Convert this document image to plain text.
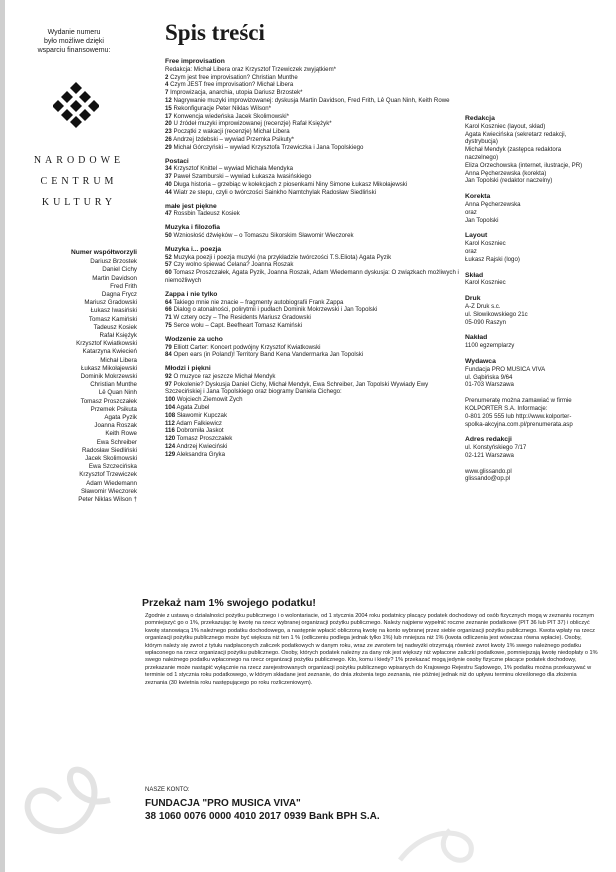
Wydanie numeru
było możliwe dzięki
wsparciu finansowemu:
NARODOWE
CENTRUM
KULTURY
Numer współtworzyli
Dariusz Brzostek
Daniel Cichy
Martin Davidson
Fred Frith
Dagna Frycz
Mariusz Gradowski
Łukasz Iwasiński
Tomasz Kamiński
Tadeusz Kosiek
Rafał Księżyk
Krzysztof Kwiatkowski
Katarzyna Kwiecień
Michał Libera
Łukasz Mikołajewski
Dominik Mokrzewski
Christian Munthe
Lê Quan Ninh
Tomasz Proszczałek
Przemek Psikuta
Agata Pyzik
Joanna Roszak
Keith Rowe
Ewa Schreiber
Radosław Siedliński
Jacek Skolimowski
Ewa Szczecińska
Krzysztof Trzewiczek
Adam Wiedemann
Sławomir Wieczorek
Peter Niklas Wilson †
Spis treści
Free improvisation
Redakcja: Michał Libera oraz Krzysztof Trzewiczek zwyjątkiem*
2 Czym jest free improvisation? Christian Munthe
4 Czym JEST free improvisation? Michał Libera
7 Improwizacja, anarchia, utopia Dariusz Brzostek*
12 Nagrywanie muzyki improwizowanej: dyskusja Martin Davidson, Fred Frith, Lê Quan Ninh, Keith Rowe
15 Rekonfiguracje Peter Niklas Wilson*
17 Konwencja wiedeńska Jacek Skolimowski*
20 U źródeł muzyki improwizowanej (recenzje) Rafał Księżyk*
23 Początki z wakacji (recenzje) Michał Libera
26 Andrzej Izdebski – wywiad Przemka Psikuty*
29 Michał Górczyński – wywiad Krzysztofa Trzewiczka i Jana Topolskiego
Postaci
34 Krzysztof Knittel – wywiad Michała Mendyka
37 Paweł Szamburski – wywiad Łukasza Iwasińskiego
40 Długa historia – grzebiąc w kolekcjach z piosenkami Niny Simone Łukasz Mikołajewski
44 Wiatr ze stepu, czyli o twórczości Sainkho Namtchylak Radosław Siedliński
małe jest piękne
47 Rossbin Tadeusz Kosiek
Muzyka i filozofia
50 Wzniosłość dźwięków – o Tomaszu Sikorskim Sławomir Wieczorek
Muzyka i... poezja
52 Muzyka poezji i poezja muzyki (na przykładzie twórczości T.S.Eliota) Agata Pyzik
57 Czy wolno śpiewać Celana? Joanna Roszak
60 Tomasz Proszczałek, Agata Pyzik, Joanna Roszak, Adam Wiedemann dyskusja: O związkach możliwych i niemożliwych
Zappa i nie tylko
64 Takiego mnie nie znacie – fragmenty autobiografii Frank Zappa
66 Dialog o atonalności, polirytmii i pudłach Dominik Mokrzewski i Jan Topolski
71 W cztery oczy – The Residents Mariusz Gradowski
75 Serce wołu – Capt. Beefheart Tomasz Kamiński
Wodzenie za ucho
79 Elliott Carter: Koncert podwójny Krzysztof Kwiatkowski
84 Open ears (in Poland)! Territory Band Kena Vandermarka Jan Topolski
Młodzi i piękni
92 O muzyce raz jeszcze Michał Mendyk
97 Pokolenie? Dyskusja Daniel Cichy, Michał Mendyk, Ewa Schreiber, Jan Topolski Wywiady Ewy Szczecińskiej i Jana Topolskiego oraz biogramy Daniela Cichego:
100 Wojciech Ziemowit Zych
104 Agata Zubel
108 Sławomir Kupczak
112 Adam Falkiewicz
116 Dobromiła Jaskot
120 Tomasz Proszczałek
124 Andrzej Kwieciński
129 Aleksandra Gryka
Redakcja
Karol Koszniec (layout, skład)
Agata Kwiecińska (sekretarz redakcji,
dystrybucja)
Michał Mendyk (zastępca redaktora
naczelnego)
Eliza Orzechowska (internet, ilustracje, PR)
Anna Pęcherzewska (korekta)
Jan Topolski (redaktor naczelny)
Korekta
Anna Pęcherzewska
oraz
Jan Topolski
Layout
Karol Koszniec
oraz
Łukasz Rajski (logo)
Skład
Karol Koszniec
Druk
A-Z Druk s.c.
ul. Słowikowskiego 21c
05-090 Raszyn
Nakład
1100 egzemplarzy
Wydawca
Fundacja PRO MUSICA VIVA
ul. Gąbińska 9/64
01-703 Warszawa
Prenumeratę można zamawiać w firmie
KOLPORTER S.A. Informacje:
0-801 205 555 lub http://www.kolporter-
spolka-akcyjna.com.pl/prenumerata.asp
Adres redakcji
ul. Konstyńskiego 7/17
02-121 Warszawa
www.glissando.pl
glissando@op.pl
Przekaż nam 1% swojego podatku!
Zgodnie z ustawą o działalności pożytku publicznego i o wolontariacie, od 1 stycznia 2004 roku podatnicy płacący podatek dochodowy od osób fizycznych mogą w zeznaniu rocznym pomniejszyć go o 1%, przekazując tę kwotę na rzecz wybranej organizacji pożytku publicznego. Należy najpierw wypełnić roczne zeznanie podatkowe (PIT 36 lub PIT 37) i obliczyć kwotę stanowiącą 1% należnego podatku dochodowego, a następnie wpłacić obliczoną kwotę na konto wybranej przez siebie organizacji pożytku publicznego. Kwota wpłaty na rzecz organizacji pożytku publicznego może być większa niż ten 1 % (odliczeniu podlega jednak tylko 1%) lub mniejsza niż 1% (kwota odliczenia jest wówczas równa wpłacie). Osoby, którym należy się zwrot z tytułu nadpłaconych zaliczek podatkowych w danym roku, wraz ze zwrotem tej nadwyżki otrzymują również zwrot kwoty 1% swego należnego podatku wpłaconego na rzecz organizacji pożytku publicznego. Osoby, których podatek należny za dany rok jest większy niż wpłacone zaliczki podatkowe, pomniejszają kwotę niedopłaty o 1% swego należnego podatku wpłaconego na rzecz organizacji pożytku publicznego. Kto, komu i kiedy? 1% przekazać mogą jedynie osoby fizyczne płacące podatek dochodowy, przekazanie może nastąpić wyłącznie na rzecz zarejestrowanych organizacji pożytku publicznego wpisanych do Krajowego Rejestru Sądowego, 1% podatku można przekazywać w terminie od 1 stycznia roku podatkowego, w którym składane jest zeznanie, do dnia złożenia tego zeznania, nie później jednak niż do upływu terminu określonego dla złożenia zeznania (30 kwietnia roku następującego po roku rozliczeniowym).
NASZE KONTO:
FUNDACJA "PRO MUSICA VIVA"
38 1060 0076 0000 4010 2017 0939 Bank BPH S.A.
